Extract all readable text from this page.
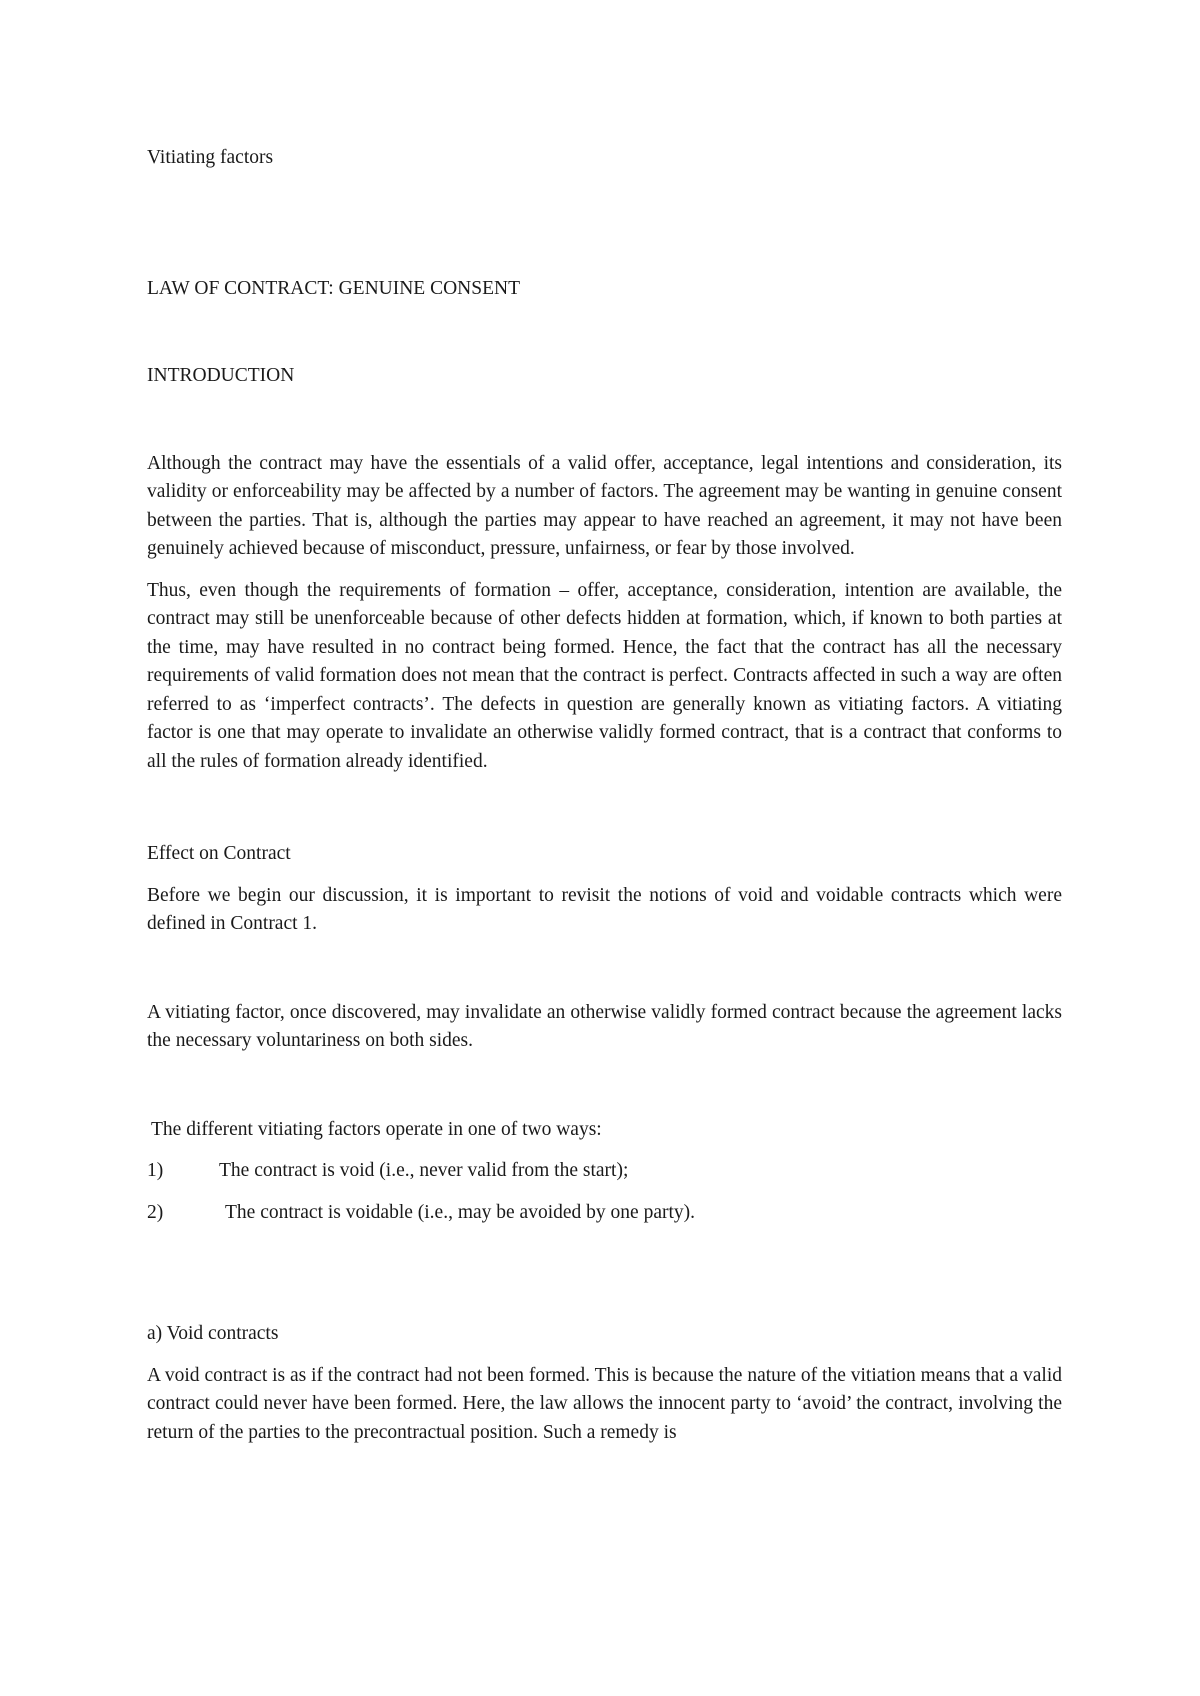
Vitiating factors
LAW OF CONTRACT: GENUINE CONSENT
INTRODUCTION

Although the contract may have the essentials of a valid offer, acceptance, legal intentions and consideration, its validity or enforceability may be affected by a number of factors. The agreement may be wanting in genuine consent between the parties. That is, although the parties may appear to have reached an agreement, it may not have been genuinely achieved because of misconduct, pressure, unfairness, or fear by those involved.

Thus, even though the requirements of formation – offer, acceptance, consideration, intention are available, the contract may still be unenforceable because of other defects hidden at formation, which, if known to both parties at the time, may have resulted in no contract being formed. Hence, the fact that the contract has all the necessary requirements of valid formation does not mean that the contract is perfect. Contracts affected in such a way are often referred to as ‘imperfect contracts’. The defects in question are generally known as vitiating factors. A vitiating factor is one that may operate to invalidate an otherwise validly formed contract, that is a contract that conforms to all the rules of formation already identified.

Effect on Contract

Before we begin our discussion, it is important to revisit the notions of void and voidable contracts which were defined in Contract 1.

A vitiating factor, once discovered, may invalidate an otherwise validly formed contract because the agreement lacks the necessary voluntariness on both sides.

The different vitiating factors operate in one of two ways:
1)	The contract is void (i.e., never valid from the start);
2)	The contract is voidable (i.e., may be avoided by one party).
a) Void contracts

A void contract is as if the contract had not been formed. This is because the nature of the vitiation means that a valid contract could never have been formed. Here, the law allows the innocent party to ‘avoid’ the contract, involving the return of the parties to the precontractual position. Such a remedy is
